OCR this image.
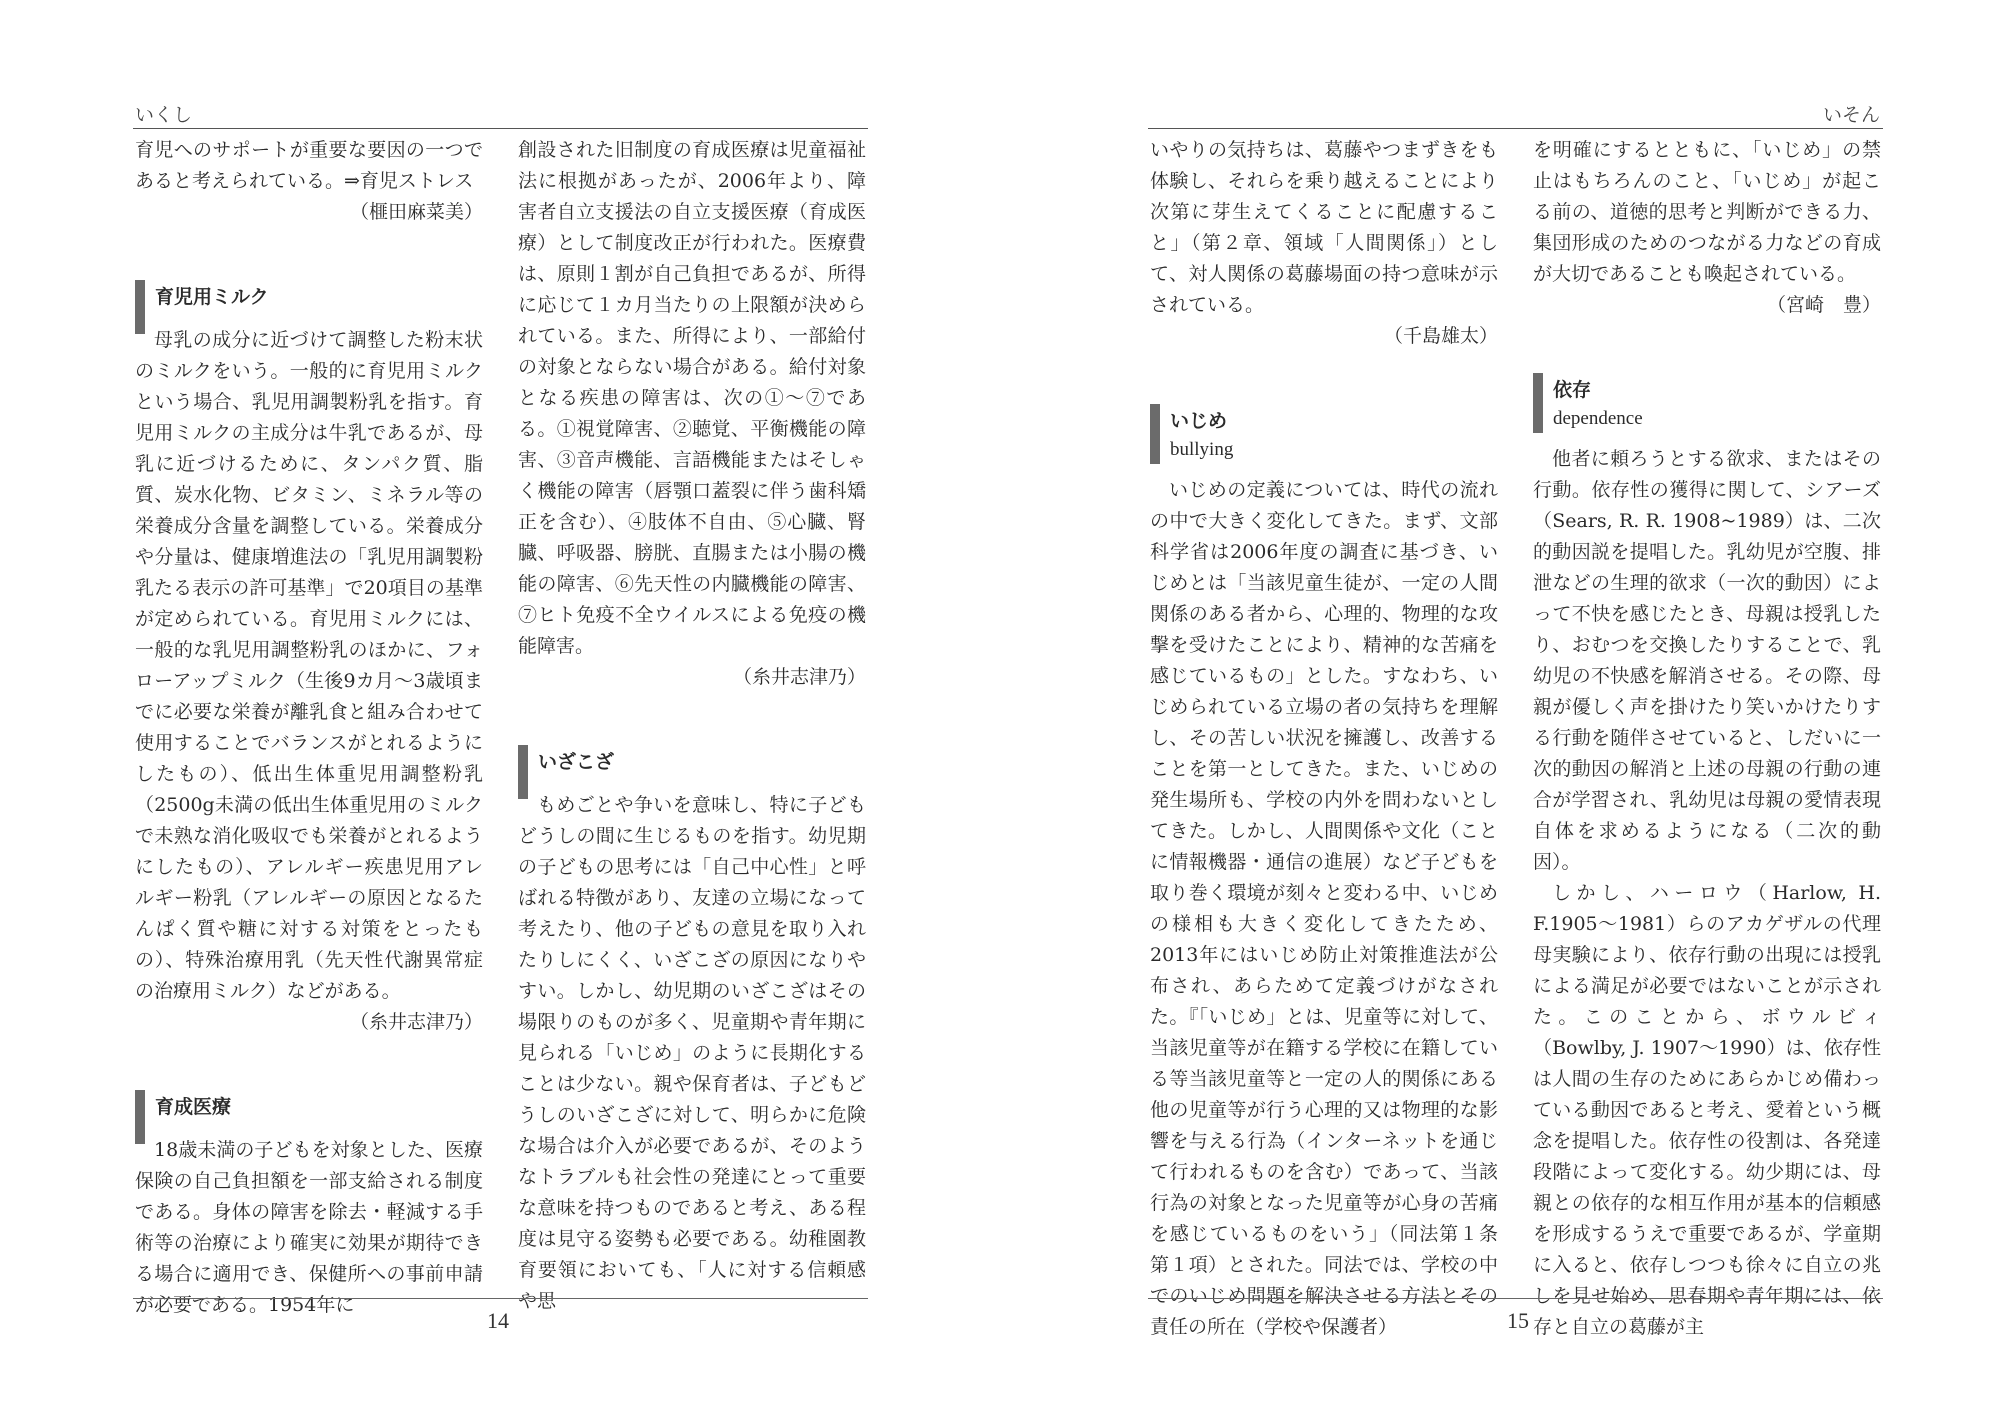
いくし

育児へのサポートが重要な要因の一つであると考えられている。⇒育児ストレス

（榧田麻菜美）
育児用ミルク

母乳の成分に近づけて調整した粉末状のミルクをいう。一般的に育児用ミルクという場合、乳児用調製粉乳を指す。育児用ミルクの主成分は牛乳であるが、母乳に近づけるために、タンパク質、脂質、炭水化物、ビタミン、ミネラル等の栄養成分含量を調整している。栄養成分や分量は、健康増進法の「乳児用調製粉乳たる表示の許可基準」で20項目の基準が定められている。育児用ミルクには、一般的な乳児用調整粉乳のほかに、フォローアップミルク（生後9カ月～3歳頃までに必要な栄養が離乳食と組み合わせて使用することでバランスがとれるようにしたもの）、低出生体重児用調整粉乳（2500g未満の低出生体重児用のミルクで未熟な消化吸収でも栄養がとれるようにしたもの）、アレルギー疾患児用アレルギー粉乳（アレルギーの原因となるたんぱく質や糖に対する対策をとったもの）、特殊治療用乳（先天性代謝異常症の治療用ミルク）などがある。

（糸井志津乃）
育成医療

18歳未満の子どもを対象とした、医療保険の自己負担額を一部支給される制度である。身体の障害を除去・軽減する手術等の治療により確実に効果が期待できる場合に適用でき、保健所への事前申請が必要である。1954年に

創設された旧制度の育成医療は児童福祉法に根拠があったが、2006年より、障害者自立支援法の自立支援医療（育成医療）として制度改正が行われた。医療費は、原則１割が自己負担であるが、所得に応じて１カ月当たりの上限額が決められている。また、所得により、一部給付の対象とならない場合がある。給付対象となる疾患の障害は、次の①～⑦である。①視覚障害、②聴覚、平衡機能の障害、③音声機能、言語機能またはそしゃく機能の障害（唇顎口蓋裂に伴う歯科矯正を含む）、④肢体不自由、⑤心臓、腎臓、呼吸器、膀胱、直腸または小腸の機能の障害、⑥先天性の内臓機能の障害、⑦ヒト免疫不全ウイルスによる免疫の機能障害。

（糸井志津乃）
いざこざ

もめごとや争いを意味し、特に子どもどうしの間に生じるものを指す。幼児期の子どもの思考には「自己中心性」と呼ばれる特徴があり、友達の立場になって考えたり、他の子どもの意見を取り入れたりしにくく、いざこざの原因になりやすい。しかし、幼児期のいざこざはその場限りのものが多く、児童期や青年期に見られる「いじめ」のように長期化することは少ない。親や保育者は、子どもどうしのいざこざに対して、明らかに危険な場合は介入が必要であるが、そのようなトラブルも社会性の発達にとって重要な意味を持つものであると考え、ある程度は見守る姿勢も必要である。幼稚園教育要領においても、「人に対する信頼感や思

14
いそん

いやりの気持ちは、葛藤やつまずきをも体験し、それらを乗り越えることにより次第に芽生えてくることに配慮すること」（第２章、領域「人間関係」）として、対人関係の葛藤場面の持つ意味が示されている。

（千島雄太）
いじめ
bullying

いじめの定義については、時代の流れの中で大きく変化してきた。まず、文部科学省は2006年度の調査に基づき、いじめとは「当該児童生徒が、一定の人間関係のある者から、心理的、物理的な攻撃を受けたことにより、精神的な苦痛を感じているもの」とした。すなわち、いじめられている立場の者の気持ちを理解し、その苦しい状況を擁護し、改善することを第一としてきた。また、いじめの発生場所も、学校の内外を問わないとしてきた。しかし、人間関係や文化（ことに情報機器・通信の進展）など子どもを取り巻く環境が刻々と変わる中、いじめの様相も大きく変化してきたため、2013年にはいじめ防止対策推進法が公布され、あらためて定義づけがなされた。『「いじめ」とは、児童等に対して、当該児童等が在籍する学校に在籍している等当該児童等と一定の人的関係にある他の児童等が行う心理的又は物理的な影響を与える行為（インターネットを通じて行われるものを含む）であって、当該行為の対象となった児童等が心身の苦痛を感じているものをいう」（同法第１条第１項）とされた。同法では、学校の中でのいじめ問題を解決させる方法とその責任の所在（学校や保護者）

を明確にするとともに、「いじめ」の禁止はもちろんのこと、「いじめ」が起こる前の、道徳的思考と判断ができる力、集団形成のためのつながる力などの育成が大切であることも喚起されている。

（宮崎　豊）
依存
dependence

他者に頼ろうとする欲求、またはその行動。依存性の獲得に関して、シアーズ（Sears, R. R. 1908~1989）は、二次的動因説を提唱した。乳幼児が空腹、排泄などの生理的欲求（一次的動因）によって不快を感じたとき、母親は授乳したり、おむつを交換したりすることで、乳幼児の不快感を解消させる。その際、母親が優しく声を掛けたり笑いかけたりする行動を随伴させていると、しだいに一次的動因の解消と上述の母親の行動の連合が学習され、乳幼児は母親の愛情表現自体を求めるようになる（二次的動因）。

しかし、ハーロウ（Harlow, H. F.1905～1981）らのアカゲザルの代理母実験により、依存行動の出現には授乳による満足が必要ではないことが示された。このことから、ボウルビィ（Bowlby, J. 1907～1990）は、依存性は人間の生存のためにあらかじめ備わっている動因であると考え、愛着という概念を提唱した。依存性の役割は、各発達段階によって変化する。幼少期には、母親との依存的な相互作用が基本的信頼感を形成するうえで重要であるが、学童期に入ると、依存しつつも徐々に自立の兆しを見せ始め、思春期や青年期には、依存と自立の葛藤が主

15
